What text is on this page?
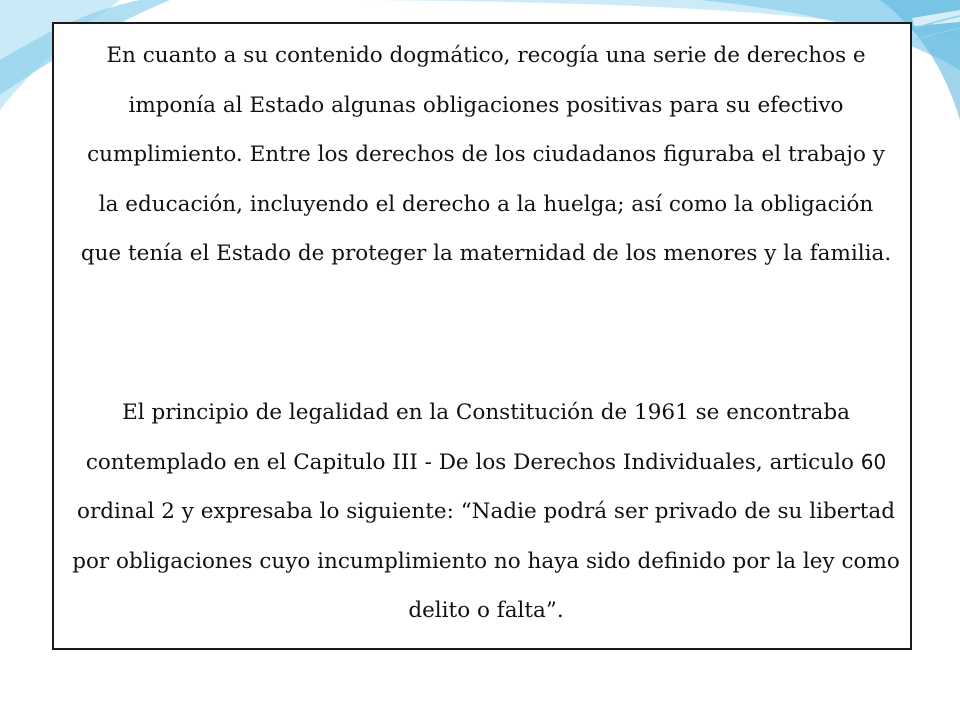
En cuanto a su contenido dogmático, recogía una serie de derechos e imponía al Estado algunas obligaciones positivas para su efectivo cumplimiento. Entre los derechos de los ciudadanos figuraba el trabajo y la educación, incluyendo el derecho a la huelga; así como la obligación que tenía el Estado de proteger la maternidad de los menores y la familia.

El principio de legalidad en la Constitución de 1961 se encontraba contemplado en el Capitulo III - De los Derechos Individuales, articulo 60 ordinal 2 y expresaba lo siguiente: “Nadie podrá ser privado de su libertad por obligaciones cuyo incumplimiento no haya sido definido por la ley como delito o falta”.
